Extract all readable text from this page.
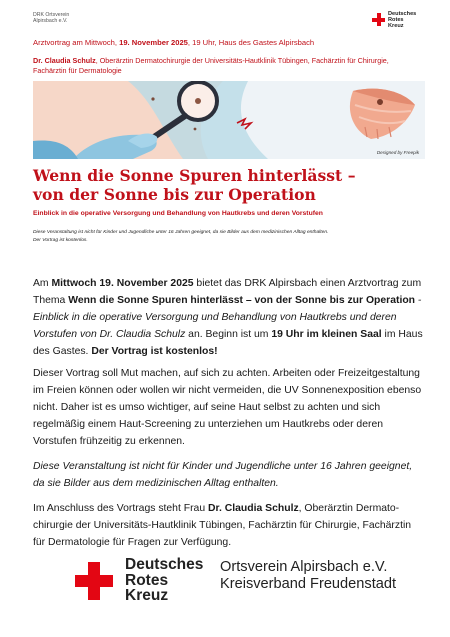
DRK Ortsverein
Alpirsbach e.V.
Deutsches
Rotes
Kreuz
Arztvortrag am Mittwoch, 19. November 2025, 19 Uhr, Haus des Gastes Alpirsbach
Dr. Claudia Schulz, Oberärztin Dermatochirurgie der Universitäts-Hautklinik Tübingen, Fachärztin für Chirurgie, Fachärztin für Dermatologie
Designed by Freepik
Wenn die Sonne Spuren hinterlässt –
von der Sonne bis zur Operation
Einblick in die operative Versorgung und Behandlung von Hautkrebs und deren Vorstufen
Diese Veranstaltung ist nicht für Kinder und Jugendliche unter 16 Jahren geeignet, da sie Bilder aus dem medizinischen Alltag enthalten.
Der Vortrag ist kostenlos.

Am Mittwoch 19. November 2025 bietet das DRK Alpirsbach einen Arztvortrag zum Thema Wenn die Sonne Spuren hinterlässt – von der Sonne bis zur Operation - Einblick in die operative Versorgung und Behandlung von Hautkrebs und deren Vorstufen von Dr. Claudia Schulz an. Beginn ist um 19 Uhr im kleinen Saal im Haus des Gastes. Der Vortrag ist kostenlos!

Dieser Vortrag soll Mut machen, auf sich zu achten. Arbeiten oder Freizeitgestaltung im Freien können oder wollen wir nicht vermeiden, die UV Sonnenexposition ebenso nicht. Daher ist es umso wichtiger, auf seine Haut selbst zu achten und sich regelmäßig einem Haut-Screening zu unterziehen um Hautkrebs oder deren Vorstufen frühzeitig zu erkennen.

Diese Veranstaltung ist nicht für Kinder und Jugendliche unter 16 Jahren geeignet, da sie Bilder aus dem medizinischen Alltag enthalten.

Im Anschluss des Vortrags steht Frau Dr. Claudia Schulz, Oberärztin Dermato-chirurgie der Universitäts-Hautklinik Tübingen, Fachärztin für Chirurgie, Fachärztin für Dermatologie für Fragen zur Verfügung.

Deutsches
Rotes
Kreuz
Ortsverein Alpirsbach e.V.
Kreisverband Freudenstadt
